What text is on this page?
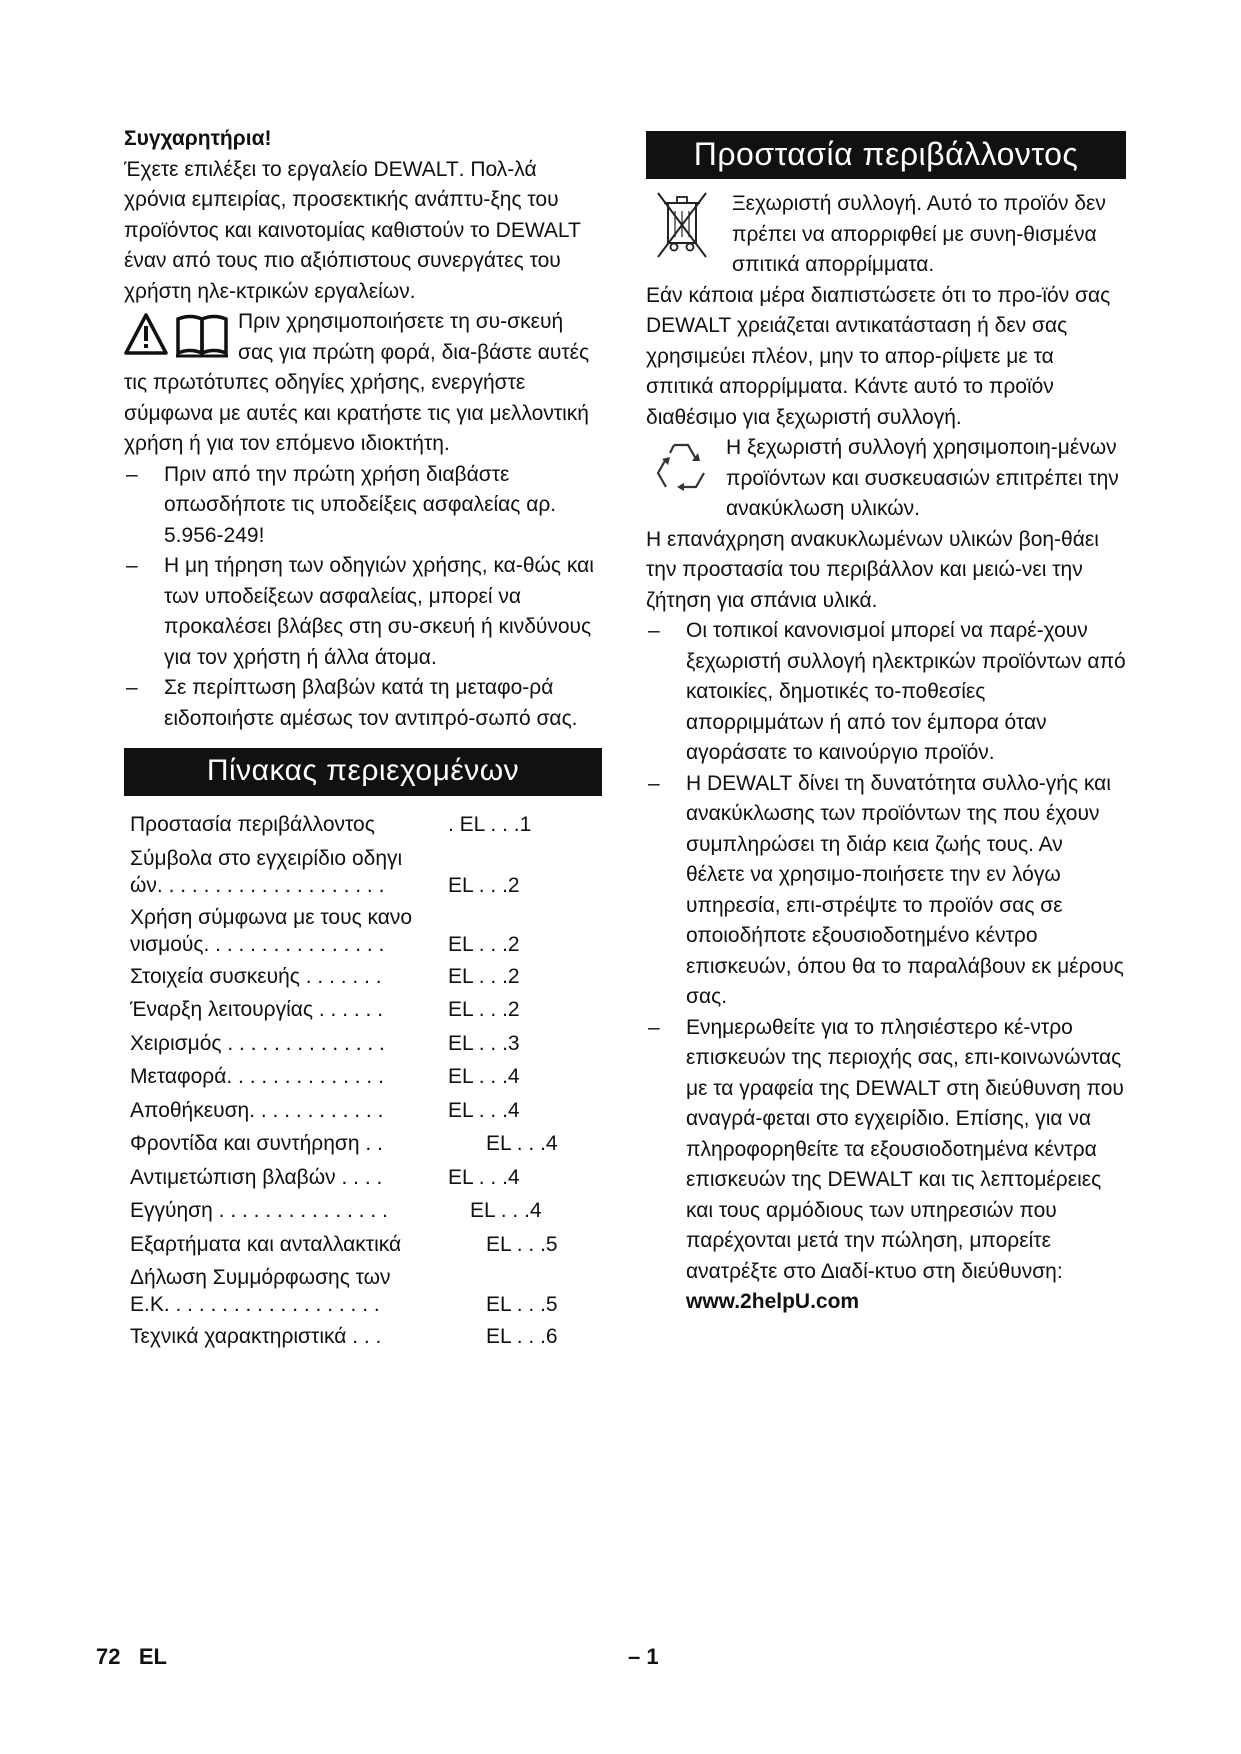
Συγχαρητήρια!

Έχετε επιλέξει το εργαλείο DEWALT. Πολ-λά χρόνια εμπειρίας, προσεκτικής ανάπτυ-ξης του προϊόντος και καινοτομίας καθιστούν το DEWALT έναν από τους πιο αξιόπιστους συνεργάτες του χρήστη ηλε-κτρικών εργαλείων.

Πριν χρησιμοποιήσετε τη συ-σκευή σας για πρώτη φορά, δια-βάστε αυτές τις πρωτότυπες οδηγίες χρήσης, ενεργήστε σύμφωνα με αυτές και κρατήστε τις για μελλοντική χρήση ή για τον επόμενο ιδιοκτήτη.

– Πριν από την πρώτη χρήση διαβάστε οπωσδήποτε τις υποδείξεις ασφαλείας αρ. 5.956-249!
– Η μη τήρηση των οδηγιών χρήσης, κα-θώς και των υποδείξεων ασφαλείας, μπορεί να προκαλέσει βλάβες στη συ-σκευή ή κινδύνους για τον χρήστη ή άλλα άτομα.
– Σε περίπτωση βλαβών κατά τη μεταφο-ρά ειδοποιήστε αμέσως τον αντιπρό-σωπό σας.
Πίνακας περιεχομένων
Προστασία περιβάλλοντος	. EL . . .1
Σύμβολα στο εγχειρίδιο οδηγι
ών. . . . . . . . . . . . . . . . . . . .	EL . . .2
Χρήση σύμφωνα με τους κανο
νισμούς. . . . . . . . . . . . . . . .	EL . . .2
Στοιχεία συσκευής . . . . . . .	EL . . .2
Έναρξη λειτουργίας . . . . . .	EL . . .2
Χειρισμός . . . . . . . . . . . . . .	EL . . .3
Μεταφορά. . . . . . . . . . . . . .	EL . . .4
Αποθήκευση. . . . . . . . . . . .	EL . . .4
Φροντίδα και συντήρηση . .	EL . . .4
Αντιμετώπιση βλαβών . . . .	EL . . .4
Εγγύηση . . . . . . . . . . . . . . .	EL . . .4
Εξαρτήματα και ανταλλακτικά	EL . . .5
Δήλωση Συμμόρφωσης των
E.K. . . . . . . . . . . . . . . . . . .	EL . . .5
Τεχνικά χαρακτηριστικά . . .	EL . . .6
Προστασία περιβάλλοντος

Ξεχωριστή συλλογή. Αυτό το προϊόν δεν πρέπει να απορριφθεί με συνη-θισμένα σπιτικά απορρίμματα.

Εάν κάποια μέρα διαπιστώσετε ότι το προ-ϊόν σας DEWALT χρειάζεται αντικατάσταση ή δεν σας χρησιμεύει πλέον, μην το απορ-ρίψετε με τα σπιτικά απορρίμματα. Κάντε αυτό το προϊόν διαθέσιμο για ξεχωριστή συλλογή.

Η ξεχωριστή συλλογή χρησιμοποιη-μένων προϊόντων και συσκευασιών επιτρέπει την ανακύκλωση υλικών.

Η επανάχρηση ανακυκλωμένων υλικών βοη-θάει την προστασία του περιβάλλον και μειώ-νει την ζήτηση για σπάνια υλικά.

– Οι τοπικοί κανονισμοί μπορεί να παρέ-χουν ξεχωριστή συλλογή ηλεκτρικών προϊόντων από κατοικίες, δημοτικές το-ποθεσίες απορριμμάτων ή από τον έμπορα όταν αγοράσατε το καινούργιο προϊόν.
– Η DEWALT δίνει τη δυνατότητα συλλο-γής και ανακύκλωσης των προϊόντων της που έχουν συμπληρώσει τη διάρ κεια ζωής τους. Αν θέλετε να χρησιμο-ποιήσετε την εν λόγω υπηρεσία, επι-στρέψτε το προϊόν σας σε οποιοδήποτε εξουσιοδοτημένο κέντρο επισκευών, όπου θα το παραλάβουν εκ μέρους σας.
– Ενημερωθείτε για το πλησιέστερο κέ-ντρο επισκευών της περιοχής σας, επι-κοινωνώντας με τα γραφεία της DEWALT στη διεύθυνση που αναγρά-φεται στο εγχειρίδιο. Επίσης, για να πληροφορηθείτε τα εξουσιοδοτημένα κέντρα επισκευών της DEWALT και τις λεπτομέρειες και τους αρμόδιους των υπηρεσιών που παρέχονται μετά την πώληση, μπορείτε ανατρέξτε στο Διαδί-κτυο στη διεύθυνση: www.2helpU.com
72 EL	– 1
